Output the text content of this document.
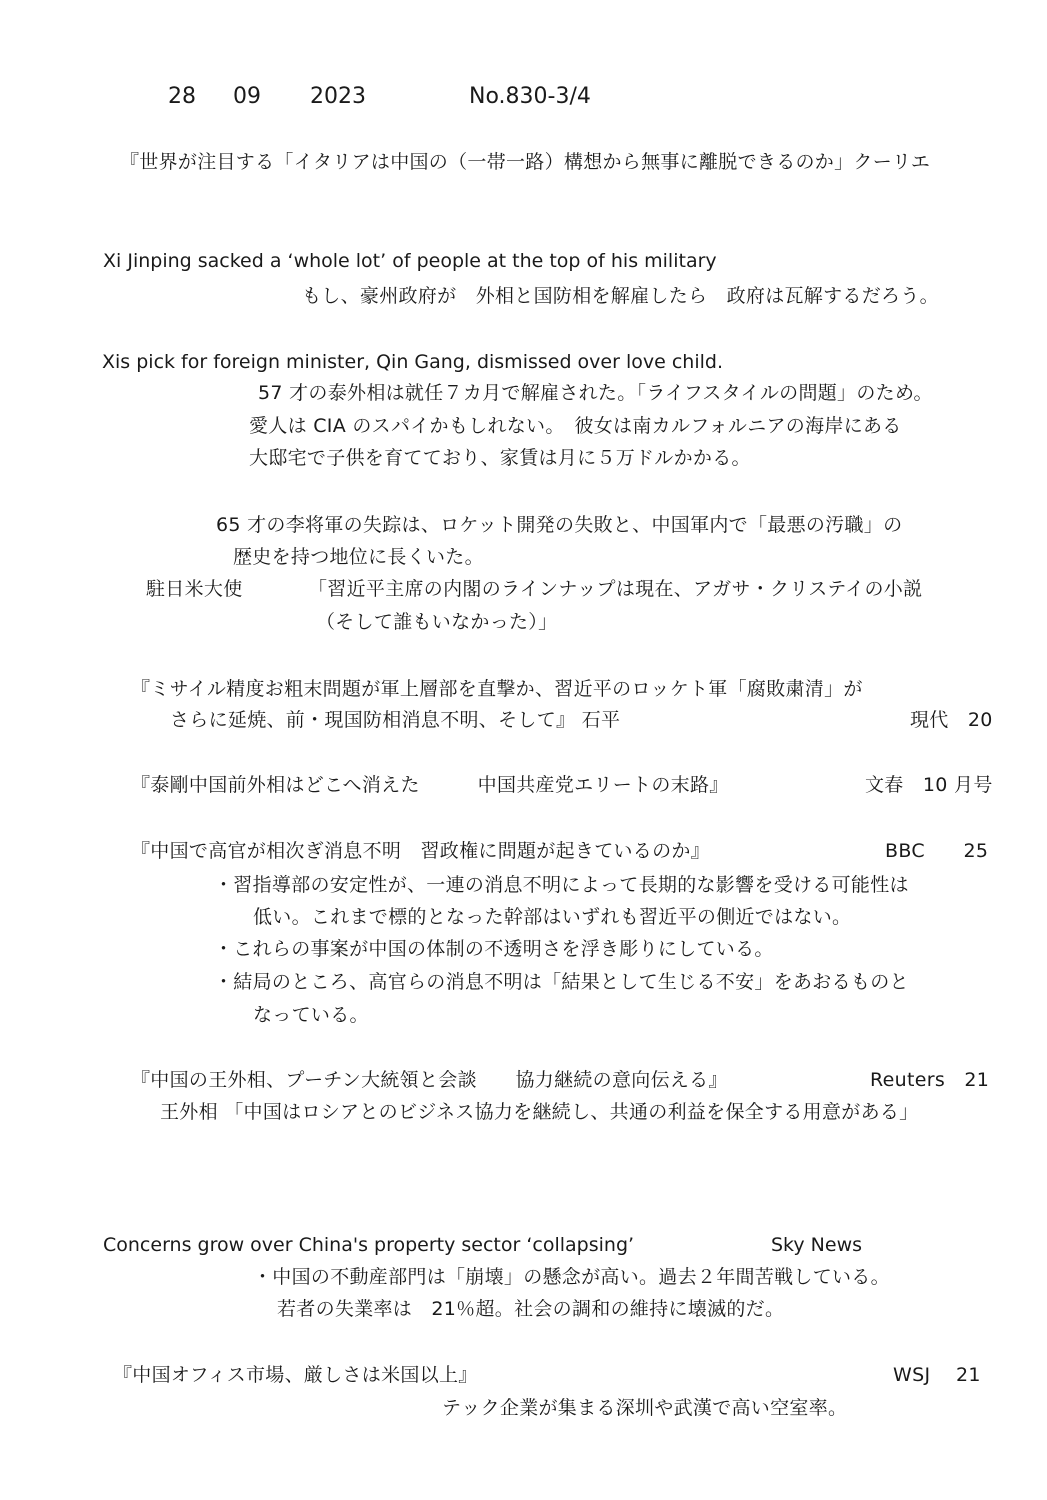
28 09 2023	No.830-3/4
『世界が注目する「イタリアは中国の（一帯一路）構想から無事に離脱できるのか」クーリエ
Xi Jinping sacked a ‘whole lot’ of people at the top of his military
もし、豪州政府が　外相と国防相を解雇したら　政府は瓦解するだろう。
Xis pick for foreign minister, Qin Gang, dismissed over love child.
57 才の泰外相は就任７カ月で解雇された。「ライフスタイルの問題」のため。
愛人は CIA のスパイかもしれない。　彼女は南カルフォルニアの海岸にある
大邸宅で子供を育てており、家賃は月に５万ドルかかる。
65 才の李将軍の失踪は、ロケット開発の失敗と、中国軍内で「最悪の汚職」の
歴史を持つ地位に長くいた。
駐日米大使	「習近平主席の内閣のラインナップは現在、アガサ・クリステイの小説
（そして誰もいなかった）」
『ミサイル精度お粗末問題が軍上層部を直撃か、習近平のロッケト軍「腐敗粛清」が
さらに延焼、前・現国防相消息不明、そして』 石平	現代　20
『泰剛中国前外相はどこへ消えた　　　中国共産党エリートの末路』	文春　10 月号
『中国で高官が相次ぎ消息不明　習政権に問題が起きているのか』	BBC　　25
・習指導部の安定性が、一連の消息不明によって長期的な影響を受ける可能性は
低い。これまで標的となった幹部はいずれも習近平の側近ではない。
・これらの事案が中国の体制の不透明さを浮き彫りにしている。
・結局のところ、高官らの消息不明は「結果として生じる不安」をあおるものと
なっている。
『中国の王外相、プーチン大統領と会談　　協力継続の意向伝える』	Reuters　21
王外相 「中国はロシアとのビジネス協力を継続し、共通の利益を保全する用意がある」
Concerns grow over China's property sector ‘collapsing’	Sky News
・中国の不動産部門は「崩壊」の懸念が高い。過去２年間苦戦している。
若者の失業率は　21％超。社会の調和の維持に壊滅的だ。
『中国オフィス市場、厳しさは米国以上』	WSJ　 21
テック企業が集まる深圳や武漢で高い空室率。
